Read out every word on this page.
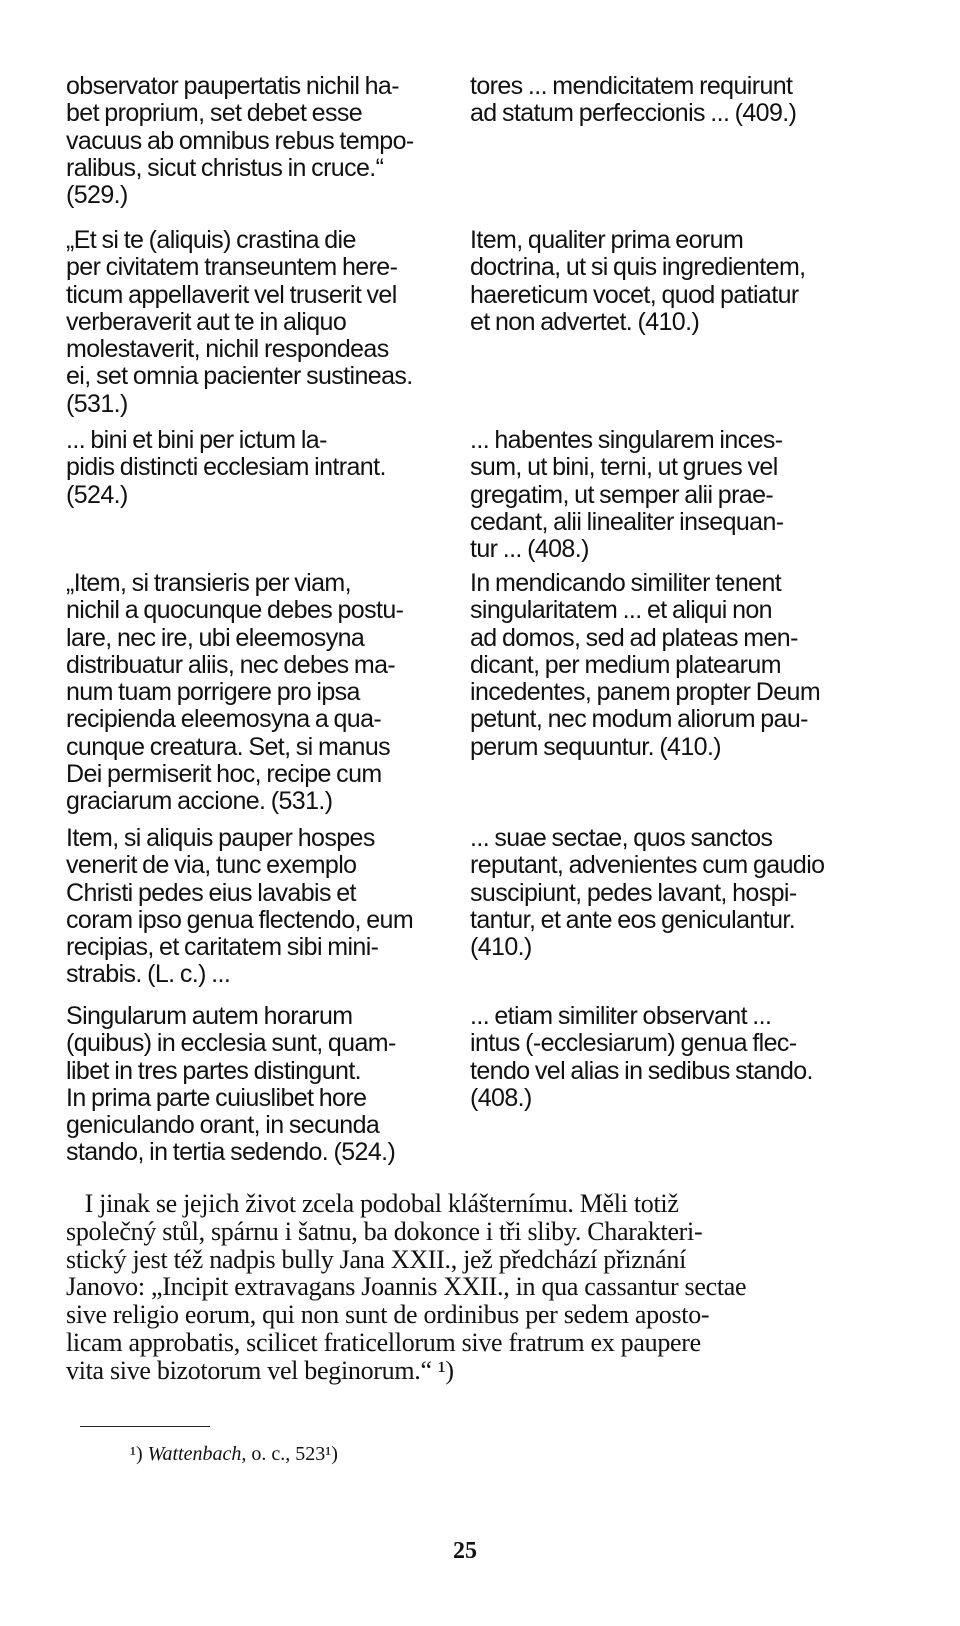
observator paupertatis nichil ha-
bet proprium, set debet esse
vacuus ab omnibus rebus tempo-
ralibus, sicut christus in cruce.“
(529.)
„Et si te (aliquis) crastina die
per civitatem transeuntem here-
ticum appellaverit vel truserit vel
verberaverit aut te in aliquo
molestaverit, nichil respondeas
ei, set omnia pacienter sustineas.
(531.)
... bini et bini per ictum la-
pidis distincti ecclesiam intrant.
(524.)
„Item, si transieris per viam,
nichil a quocunque debes postu-
lare, nec ire, ubi eleemosyna
distribuatur aliis, nec debes ma-
num tuam porrigere pro ipsa
recipienda eleemosyna a qua-
cunque creatura. Set, si manus
Dei permiserit hoc, recipe cum
graciarum accione. (531.)
Item, si aliquis pauper hospes
venerit de via, tunc exemplo
Christi pedes eius lavabis et
coram ipso genua flectendo, eum
recipias, et caritatem sibi mini-
strabis. (L. c.) ...
Singularum autem horarum
(quibus) in ecclesia sunt, quam-
libet in tres partes distingunt.
In prima parte cuiuslibet hore
geniculando orant, in secunda
stando, in tertia sedendo. (524.)
tores ... mendicitatem requirunt
ad statum perfeccionis ... (409.)
Item, qualiter prima eorum
doctrina, ut si quis ingredientem,
haereticum vocet, quod patiatur
et non advertet. (410.)
... habentes singularem inces-
sum, ut bini, terni, ut grues vel
gregatim, ut semper alii prae-
cedant, alii linealiter insequan-
tur ... (408.)
In mendicando similiter tenent
singularitatem ... et aliqui non
ad domos, sed ad plateas men-
dicant, per medium platearum
incedentes, panem propter Deum
petunt, nec modum aliorum pau-
perum sequuntur. (410.)
... suae sectae, quos sanctos
reputant, advenientes cum gaudio
suscipiunt, pedes lavant, hospi-
tantur, et ante eos geniculantur.
(410.)
... etiam similiter observant ...
intus (-ecclesiarum) genua flec-
tendo vel alias in sedibus stando.
(408.)
I jinak se jejich život zcela podobal klášternímu. Měli totiž
společný stůl, spárnu i šatnu, ba dokonce i tři sliby. Charakteri-
stický jest též nadpis bully Jana XXII., jež předchází přiznání
Janovo: „Incipit extravagans Joannis XXII., in qua cassantur sectae
sive religio eorum, qui non sunt de ordinibus per sedem aposto-
licam approbatis, scilicet fraticellorum sive fratrum ex paupere
vita sive bizotorum vel beginorum.“ ¹)
¹) Wattenbach, o. c., 523¹)
25
